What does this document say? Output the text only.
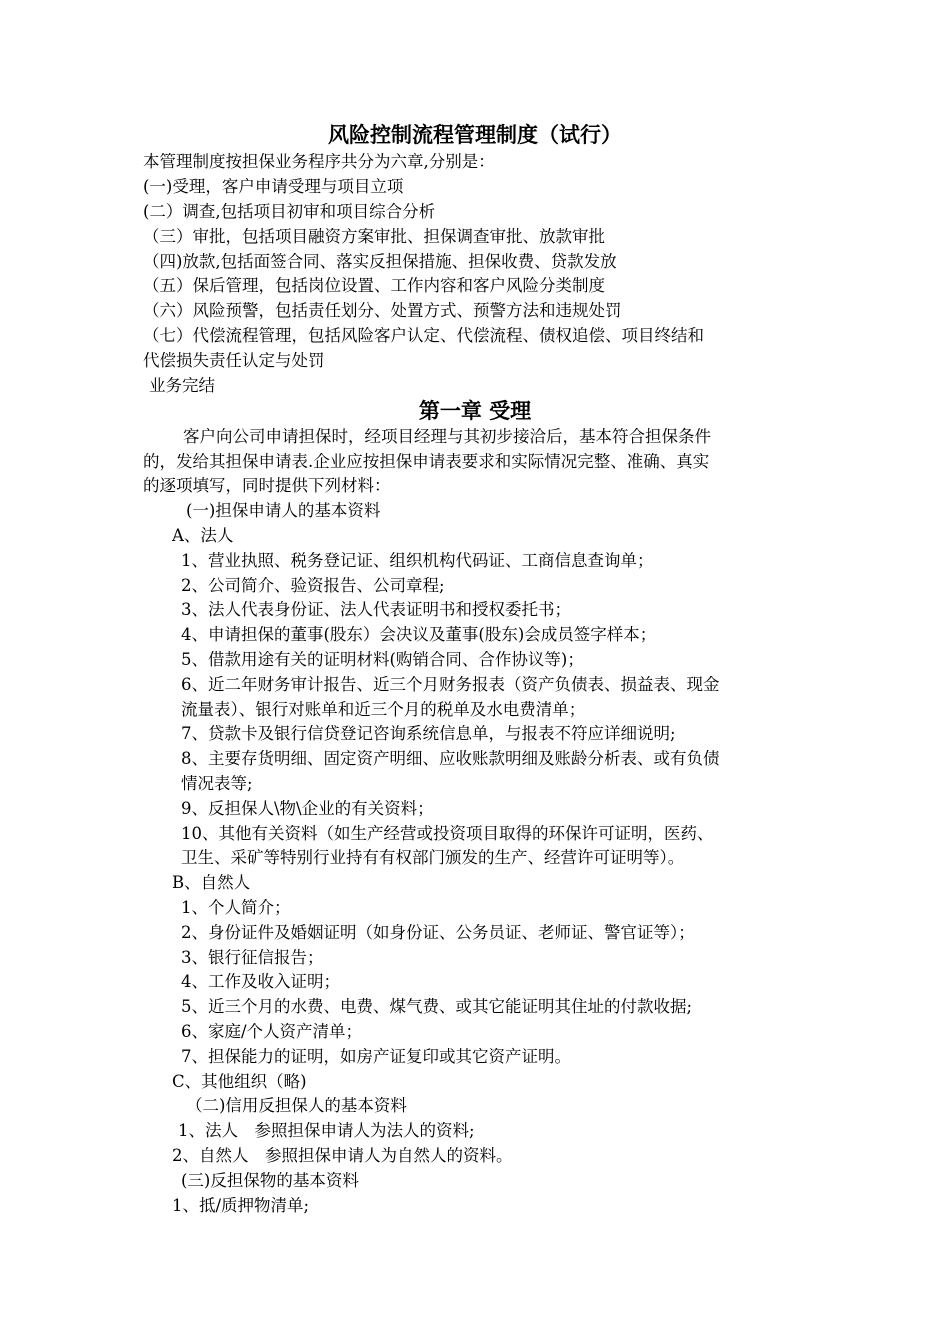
风险控制流程管理制度（试行）
本管理制度按担保业务程序共分为六章,分别是：
(一)受理，客户申请受理与项目立项
(二）调查,包括项目初审和项目综合分析
（三）审批，包括项目融资方案审批、担保调查审批、放款审批
（四)放款,包括面签合同、落实反担保措施、担保收费、贷款发放
（五）保后管理，包括岗位设置、工作内容和客户风险分类制度
（六）风险预警，包括责任划分、处置方式、预警方法和违规处罚
（七）代偿流程管理，包括风险客户认定、代偿流程、债权追偿、项目终结和
代偿损失责任认定与处罚
业务完结
第一章 受理
客户向公司申请担保时，经项目经理与其初步接洽后，基本符合担保条件
的，发给其担保申请表.企业应按担保申请表要求和实际情况完整、准确、真实
的逐项填写，同时提供下列材料：
(一)担保申请人的基本资料
A、法人
1、营业执照、税务登记证、组织机构代码证、工商信息查询单；
2、公司简介、验资报告、公司章程;
3、法人代表身份证、法人代表证明书和授权委托书；
4、申请担保的董事(股东）会决议及董事(股东)会成员签字样本；
5、借款用途有关的证明材料(购销合同、合作协议等)；
6、近二年财务审计报告、近三个月财务报表（资产负债表、损益表、现金
流量表）、银行对账单和近三个月的税单及水电费清单；
7、贷款卡及银行信贷登记咨询系统信息单，与报表不符应详细说明;
8、主要存货明细、固定资产明细、应收账款明细及账龄分析表、或有负债
情况表等;
9、反担保人\物\企业的有关资料；
10、其他有关资料（如生产经营或投资项目取得的环保许可证明，医药、
卫生、采矿等特别行业持有有权部门颁发的生产、经营许可证明等）。
B、自然人
1、个人简介；
2、身份证件及婚姻证明（如身份证、公务员证、老师证、警官证等）；
3、银行征信报告；
4、工作及收入证明；
5、近三个月的水费、电费、煤气费、或其它能证明其住址的付款收据;
6、家庭/个人资产清单；
7、担保能力的证明，如房产证复印或其它资产证明。
C、其他组织（略)
（二)信用反担保人的基本资料
1、法人　参照担保申请人为法人的资料;
2、自然人　参照担保申请人为自然人的资料。
(三)反担保物的基本资料
1、抵/质押物清单;
